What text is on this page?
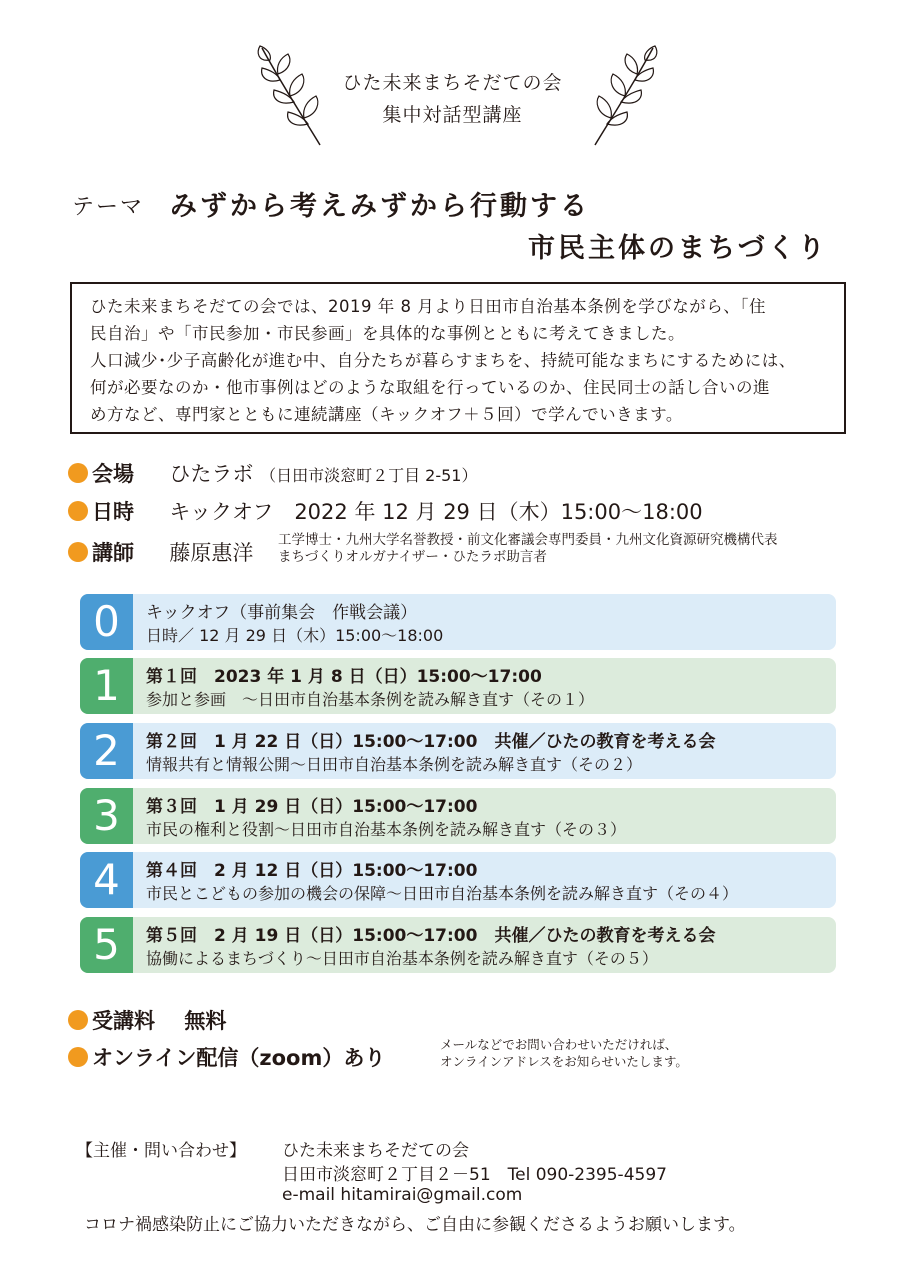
ひた未来まちそだての会
集中対話型講座
テーマ みずから考えみずから行動する
市民主体のまちづくり
ひた未来まちそだての会では、2019 年 8 月より日田市自治基本条例を学びながら、「住
民自治」や「市民参加・市民参画」を具体的な事例とともに考えてきました。
人口減少･少子高齢化が進む中、自分たちが暮らすまちを、持続可能なまちにするためには、
何が必要なのか・他市事例はどのような取組を行っているのか、住民同士の話し合いの進
め方など、専門家とともに連続講座（キックオフ＋５回）で学んでいきます。
会場 ひたラボ （日田市淡窓町２丁目 2-51）
日時 キックオフ　2022 年 12 月 29 日（木）15:00～18:00
講師 藤原惠洋
工学博士・九州大学名誉教授・前文化審議会専門委員・九州文化資源研究機構代表
まちづくりオルガナイザー・ひたラボ助言者
0	キックオフ（事前集会　作戦会議）
日時／ 12 月 29 日（木）15:00～18:00
1	第１回　2023 年 1 月 8 日（日）15:00～17:00
参加と参画　～日田市自治基本条例を読み解き直す（その１）
2	第２回　1 月 22 日（日）15:00～17:00　共催／ひたの教育を考える会
情報共有と情報公開～日田市自治基本条例を読み解き直す（その２）
3	第３回　1 月 29 日（日）15:00～17:00
市民の権利と役割～日田市自治基本条例を読み解き直す（その３）
4	第４回　2 月 12 日（日）15:00～17:00
市民とこどもの参加の機会の保障～日田市自治基本条例を読み解き直す（その４）
5	第５回　2 月 19 日（日）15:00～17:00　共催／ひたの教育を考える会
協働によるまちづくり～日田市自治基本条例を読み解き直す（その５）
受講料 無料
オンライン配信（zoom）あり
メールなどでお問い合わせいただければ、
オンラインアドレスをお知らせいたします。
【主催・問い合わせ】 ひた未来まちそだての会
日田市淡窓町２丁目２－51　Tel 090-2395-4597
e-mail hitamirai@gmail.com
コロナ禍感染防止にご協力いただきながら、ご自由に参観くださるようお願いします。
